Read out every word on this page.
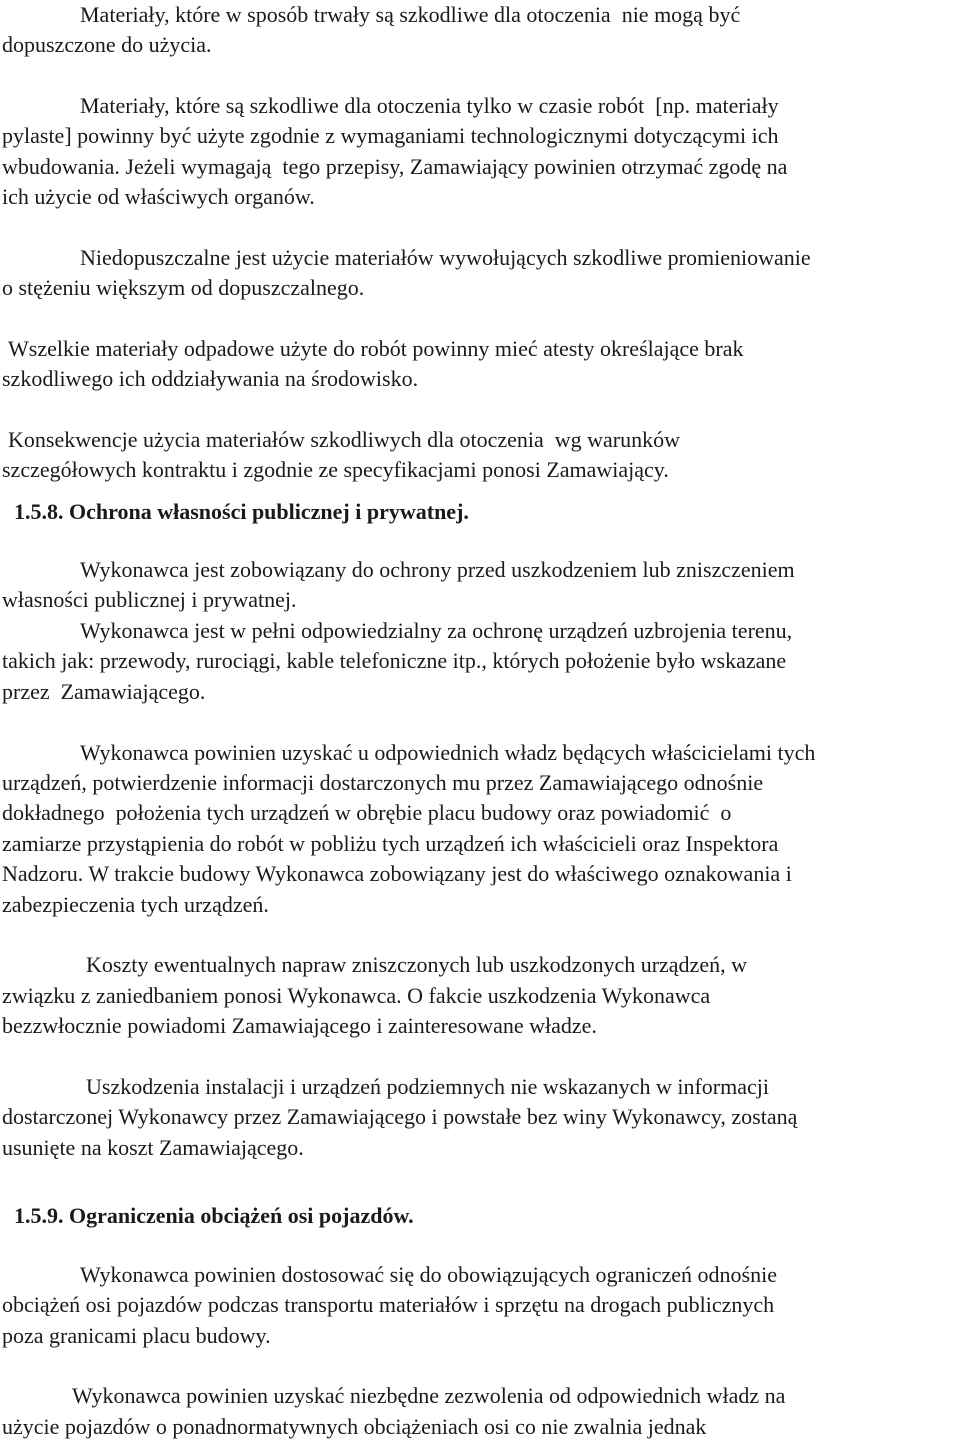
Materiały, które w sposób trwały są szkodliwe dla otoczenia  nie mogą być

dopuszczone do użycia.

Materiały, które są szkodliwe dla otoczenia tylko w czasie robót  [np. materiały

pylaste] powinny być użyte zgodnie z wymaganiami technologicznymi dotyczącymi ich

wbudowania. Jeżeli wymagają  tego przepisy, Zamawiający powinien otrzymać zgodę na

ich użycie od właściwych organów.

Niedopuszczalne jest użycie materiałów wywołujących szkodliwe promieniowanie

o stężeniu większym od dopuszczalnego.

Wszelkie materiały odpadowe użyte do robót powinny mieć atesty określające brak

szkodliwego ich oddziaływania na środowisko.

Konsekwencje użycia materiałów szkodliwych dla otoczenia  wg warunków

szczegółowych kontraktu i zgodnie ze specyfikacjami ponosi Zamawiający.

1.5.8. Ochrona własności publicznej i prywatnej.

Wykonawca jest zobowiązany do ochrony przed uszkodzeniem lub zniszczeniem

własności publicznej i prywatnej.

Wykonawca jest w pełni odpowiedzialny za ochronę urządzeń uzbrojenia terenu,

takich jak: przewody, rurociągi, kable telefoniczne itp., których położenie było wskazane

przez  Zamawiającego.

Wykonawca powinien uzyskać u odpowiednich władz będących właścicielami tych

urządzeń, potwierdzenie informacji dostarczonych mu przez Zamawiającego odnośnie

dokładnego  położenia tych urządzeń w obrębie placu budowy oraz powiadomić  o

zamiarze przystąpienia do robót w pobliżu tych urządzeń ich właścicieli oraz Inspektora

Nadzoru. W trakcie budowy Wykonawca zobowiązany jest do właściwego oznakowania i

zabezpieczenia tych urządzeń.

Koszty ewentualnych napraw zniszczonych lub uszkodzonych urządzeń, w

związku z zaniedbaniem ponosi Wykonawca. O fakcie uszkodzenia Wykonawca

bezzwłocznie powiadomi Zamawiającego i zainteresowane władze.

Uszkodzenia instalacji i urządzeń podziemnych nie wskazanych w informacji

dostarczonej Wykonawcy przez Zamawiającego i powstałe bez winy Wykonawcy, zostaną

usunięte na koszt Zamawiającego.

1.5.9. Ograniczenia obciążeń osi pojazdów.

Wykonawca powinien dostosować się do obowiązujących ograniczeń odnośnie

obciążeń osi pojazdów podczas transportu materiałów i sprzętu na drogach publicznych

poza granicami placu budowy.

Wykonawca powinien uzyskać niezbędne zezwolenia od odpowiednich władz na

użycie pojazdów o ponadnormatywnych obciążeniach osi co nie zwalnia jednak
